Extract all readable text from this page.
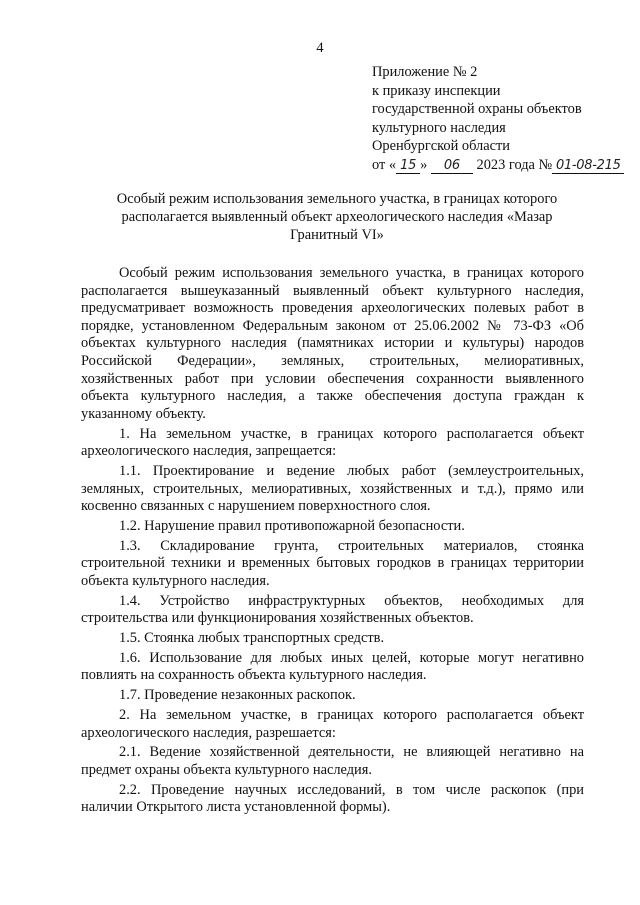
4
Приложение № 2
к приказу инспекции
государственной охраны объектов
культурного наследия
Оренбургской области
от « 15 » 06 2023 года № 01-08-215
Особый режим использования земельного участка, в границах которого располагается выявленный объект археологического наследия «Мазар Гранитный VI»

Особый режим использования земельного участка, в границах которого располагается вышеуказанный выявленный объект культурного наследия, предусматривает возможность проведения археологических полевых работ в порядке, установленном Федеральным законом от 25.06.2002 № 73-ФЗ «Об объектах культурного наследия (памятниках истории и культуры) народов Российской Федерации», земляных, строительных, мелиоративных, хозяйственных работ при условии обеспечения сохранности выявленного объекта культурного наследия, а также обеспечения доступа граждан к указанному объекту.

1. На земельном участке, в границах которого располагается объект археологического наследия, запрещается:

1.1. Проектирование и ведение любых работ (землеустроительных, земляных, строительных, мелиоративных, хозяйственных и т.д.), прямо или косвенно связанных с нарушением поверхностного слоя.

1.2. Нарушение правил противопожарной безопасности.

1.3. Складирование грунта, строительных материалов, стоянка строительной техники и временных бытовых городков в границах территории объекта культурного наследия.

1.4. Устройство инфраструктурных объектов, необходимых для строительства или функционирования хозяйственных объектов.

1.5. Стоянка любых транспортных средств.

1.6. Использование для любых иных целей, которые могут негативно повлиять на сохранность объекта культурного наследия.

1.7. Проведение незаконных раскопок.

2. На земельном участке, в границах которого располагается объект археологического наследия, разрешается:

2.1. Ведение хозяйственной деятельности, не влияющей негативно на предмет охраны объекта культурного наследия.

2.2. Проведение научных исследований, в том числе раскопок (при наличии Открытого листа установленной формы).
